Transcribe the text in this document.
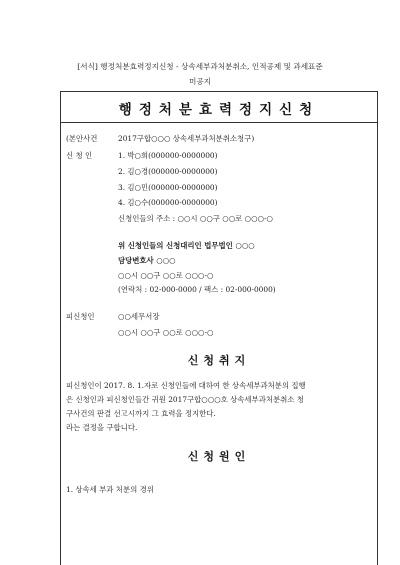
[서식] 행정처분효력정지신청 - 상속세부과처분취소, 인적공제 및 과세표준
미공지
행정처분효력정지신청
(본안사건	2017구합○○○ 상속세부과처분취소청구)
신 청 인	1. 박○희(000000-0000000)
2. 김○경(000000-0000000)
3. 김○민(000000-0000000)
4. 김○수(000000-0000000)
신청인들의 주소 : ○○시 ○○구 ○○로 ○○○-○
위 신청인들의 신청대리인 법무법인 ○○○
담당변호사 ○○○
○○시 ○○구 ○○로 ○○○-○
(연락처 : 02-000-0000 / 팩스 : 02-000-0000)
피신청인	○○세무서장
○○시 ○○구 ○○로 ○○○-○
신청취지
피신청인이 2017. 8. 1.자로 신청인들에 대하여 한 상속세부과처분의 집행
은 신청인과 피신청인들간 귀원 2017구합○○○호 상속세부과처분취소 청
구사건의 판결 선고시까지 그 효력을 정지한다.
라는 결정을 구합니다.
신청원인
1. 상속세 부과 처분의 경위
